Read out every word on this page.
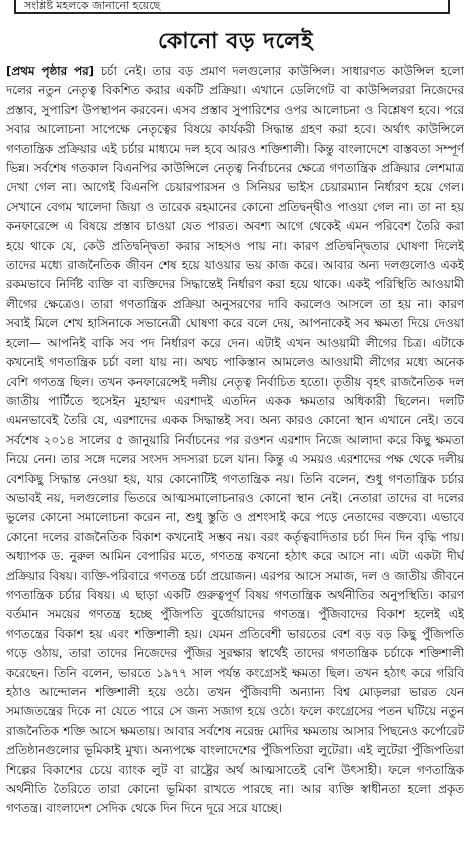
সংশ্লিষ্ট মহলকে জানানো হয়েছে
কোনো বড় দলেই
[প্রথম পৃষ্ঠার পর] চর্চা নেই। তার বড় প্রমাণ দলগুলোর কাউন্সিল। সাধারণত কাউন্সিল হলো দলের নতুন নেতৃত্ব বিকশিত করার একটি প্রক্রিয়া। এখানে ডেলিগেট বা কাউন্সিলররা নিজেদের প্রস্তাব, সুপারিশ উপস্থাপন করবেন। এসব প্রস্তাব সুপারিশের ওপর আলোচনা ও বিশ্লেষণ হবে। পরে সবার আলোচনা সাপেক্ষে নেতৃত্বের বিষয়ে কার্যকরী সিদ্ধান্ত গ্রহণ করা হবে। অর্থাৎ কাউন্সিলে গণতান্ত্রিক প্রক্রিয়ার এই চর্চার মাধ্যমে দল হবে আরও শক্তিশালী। কিন্তু বাংলাদেশে বাস্তবতা সম্পূর্ণ ভিন্ন। সর্বশেষ গতকাল বিএনপির কাউন্সিলে নেতৃত্ব নির্বাচনের ক্ষেত্রে গণতান্ত্রিক প্রক্রিয়ার লেশমাত্র দেখা গেল না। আগেই বিএনপি চেয়ারপারসন ও সিনিয়র ভাইস চেয়ারম্যান নির্ধারণ হয়ে গেল। সেখানে বেগম খালেদা জিয়া ও তারেক রহমানের কোনো প্রতিদ্বন্দ্বীও পাওয়া গেল না। তা না হয় কনফারেন্সে এ বিষয়ে প্রস্তাব চাওয়া যেত পারত। অবশ্য আগে থেকেই এমন পরিবেশ তৈরি করা হয়ে থাকে যে, কেউ প্রতিদ্বন্দ্বিতা করার সাহসও পায় না। কারণ প্রতিদ্বন্দ্বিতার ঘোষণা দিলেই তাদের মধ্যে রাজনৈতিক জীবন শেষ হয়ে যাওয়ার ভয় কাজ করে। আবার অন্য দলগুলোও একই রকমভাবে নির্দিষ্ট ব্যক্তি বা ব্যক্তিদের সিদ্ধান্তেই নির্ধারণ করা হয়ে থাকে। একই পরিস্থিতি আওয়ামী লীগের ক্ষেত্রেও। তারা গণতান্ত্রিক প্রক্রিয়া অনুসরণের দাবি করলেও আসলে তা হয় না। কারণ সবাই মিলে শেখ হাসিনাকে সভানেত্রী ঘোষণা করে বলে দেয়, আপনাকেই সব ক্ষমতা দিয়ে দেওয়া হলো— আপনিই বাকি সব পদ নির্ধারণ করে দেন। এটাই এখন আওয়ামী লীগের চিত্র। এটাকে কখনোই গণতান্ত্রিক চর্চা বলা যায় না। অথচ পাকিস্তান আমলেও আওয়ামী লীগের মধ্যে অনেক বেশি গণতন্ত্র ছিল। তখন কনফারেন্সেই দলীয় নেতৃত্ব নির্বাচিত হতো। তৃতীয় বৃহৎ রাজনৈতিক দল জাতীয় পার্টিতে হুসেইন মুহাম্মদ এরশাদই এতদিন একক ক্ষমতার অধিকারী ছিলেন। দলটি এমনভাবেই তৈরি যে, এরশাদের একক সিদ্ধান্তই সব। অন্য কারও কোনো স্থান এখানে নেই। তবে সর্বশেষ ২০১৪ সালের ৫ জানুয়ারি নির্বাচনের পর রওশন এরশাদ নিজে আলাদা করে কিছু ক্ষমতা নিয়ে নেন। তার সঙ্গে দলের সংসদ সদস্যরা চলে যান। কিন্তু এ সময়ও এরশাদের পক্ষ থেকে দলীয় বেশকিছু সিদ্ধান্ত নেওয়া হয়, যার কোনোটিই গণতান্ত্রিক নয়। তিনি বলেন, শুধু গণতান্ত্রিক চর্চার অভাবই নয়, দলগুলোর ভিতরে আত্মসমালোচনারও কোনো স্থান নেই। নেতারা তাদের বা দলের ভুলের কোনো সমালোচনা করেন না, শুধু স্তুতি ও প্রশংসাই করে পড়ে নেতাদের বক্তব্যে। এভাবে কোনো দলের রাজনৈতিক বিকাশ কখনোই সম্ভব নয়। বরং কর্তৃত্ববাদিতার চর্চা দিন দিন বৃদ্ধি পায়। অধ্যাপক ড. নুরুল আমিন বেপারির মতে, গণতন্ত্র কখনো হঠাৎ করে আসে না। এটা একটা দীর্ঘ প্রক্রিয়ার বিষয়। ব্যক্তি-পরিবারে গণতন্ত্র চর্চা প্রয়োজন। এরপর আসে সমাজ, দল ও জাতীয় জীবনে গণতান্ত্রিক চর্চার বিষয়। এ ছাড়া একটি গুরুত্বপূর্ণ বিষয় গণতান্ত্রিক অর্থনীতির অনুপস্থিতি। কারণ বর্তমান সময়ের গণতন্ত্র হচ্ছে পুঁজিপতি বুর্জোয়াদের গণতন্ত্র। পুঁজিবাদের বিকাশ হলেই এই গণতন্ত্রের বিকাশ হয় এবং শক্তিশালী হয়। যেমন প্রতিবেশী ভারতের বেশ বড় বড় কিছু পুঁজিপতি গড়ে ওঠায়, তারা তাদের নিজেদের পুঁজির সুরক্ষার স্বার্থেই তাদের গণতান্ত্রিক চর্চাকে শক্তিশালী করেছেন। তিনি বলেন, ভারতে ১৯৭৭ সাল পর্যন্ত কংগ্রেসই ক্ষমতা ছিল। তখন হঠাৎ করে গরিবি হঠাও আন্দোলন শক্তিশালী হয়ে ওঠে। তখন পুঁজিবাদী অন্যান্য বিশ্ব মোড়লরা ভারত যেন সমাজতন্ত্রের দিকে না যেতে পারে সে জন্য সজাগ হয়ে ওঠে। ফলে কংগ্রেসের পতন ঘটিয়ে নতুন রাজনৈতিক শক্তি আসে ক্ষমতায়। আবার সর্বশেষ নরেন্দ্র মোদির ক্ষমতায় আসার পিছনেও কর্পোরেট প্রতিষ্ঠানগুলোর ভূমিকাই মুখ্য। অন্যপক্ষে বাংলাদেশের পুঁজিপতিরা লুটেরা। এই লুটেরা পুঁজিপতিরা শিল্পের বিকাশের চেয়ে ব্যাংক লুট বা রাষ্ট্রের অর্থ আত্মসাতেই বেশি উৎসাহী। ফলে গণতান্ত্রিক অর্থনীতি তৈরিতে তারা কোনো ভূমিকা রাখতে পারছে না। আর ব্যক্তি স্বাধীনতা হলো প্রকৃত গণতন্ত্র। বাংলাদেশ সেদিক থেকে দিন দিনে দূরে সরে যাচ্ছে।
